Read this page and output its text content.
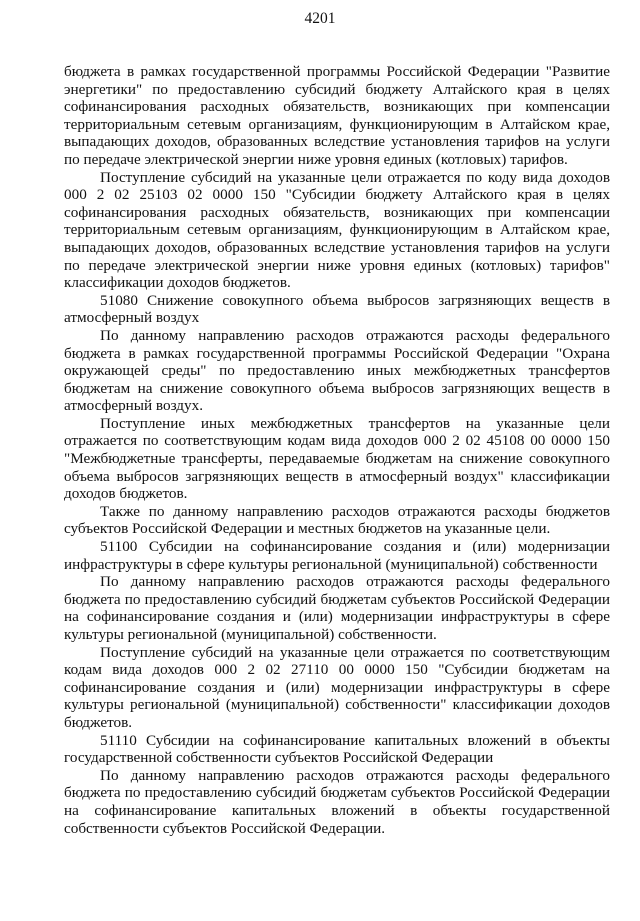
4201

бюджета в рамках государственной программы Российской Федерации "Развитие энергетики" по предоставлению субсидий бюджету Алтайского края в целях софинансирования расходных обязательств, возникающих при компенсации территориальным сетевым организациям, функционирующим в Алтайском крае, выпадающих доходов, образованных вследствие установления тарифов на услуги по передаче электрической энергии ниже уровня единых (котловых) тарифов.

Поступление субсидий на указанные цели отражается по коду вида доходов 000 2 02 25103 02 0000 150 "Субсидии бюджету Алтайского края в целях софинансирования расходных обязательств, возникающих при компенсации территориальным сетевым организациям, функционирующим в Алтайском крае, выпадающих доходов, образованных вследствие установления тарифов на услуги по передаче электрической энергии ниже уровня единых (котловых) тарифов" классификации доходов бюджетов.

51080 Снижение совокупного объема выбросов загрязняющих веществ в атмосферный воздух

По данному направлению расходов отражаются расходы федерального бюджета в рамках государственной программы Российской Федерации "Охрана окружающей среды" по предоставлению иных межбюджетных трансфертов бюджетам на снижение совокупного объема выбросов загрязняющих веществ в атмосферный воздух.

Поступление иных межбюджетных трансфертов на указанные цели отражается по соответствующим кодам вида доходов 000 2 02 45108 00 0000 150 "Межбюджетные трансферты, передаваемые бюджетам на снижение совокупного объема выбросов загрязняющих веществ в атмосферный воздух" классификации доходов бюджетов.

Также по данному направлению расходов отражаются расходы бюджетов субъектов Российской Федерации и местных бюджетов на указанные цели.

51100 Субсидии на софинансирование создания и (или) модернизации инфраструктуры в сфере культуры региональной (муниципальной) собственности

По данному направлению расходов отражаются расходы федерального бюджета по предоставлению субсидий бюджетам субъектов Российской Федерации на софинансирование создания и (или) модернизации инфраструктуры в сфере культуры региональной (муниципальной) собственности.

Поступление субсидий на указанные цели отражается по соответствующим кодам вида доходов 000 2 02 27110 00 0000 150 "Субсидии бюджетам на софинансирование создания и (или) модернизации инфраструктуры в сфере культуры региональной (муниципальной) собственности" классификации доходов бюджетов.

51110 Субсидии на софинансирование капитальных вложений в объекты государственной собственности субъектов Российской Федерации

По данному направлению расходов отражаются расходы федерального бюджета по предоставлению субсидий бюджетам субъектов Российской Федерации на софинансирование капитальных вложений в объекты государственной собственности субъектов Российской Федерации.
